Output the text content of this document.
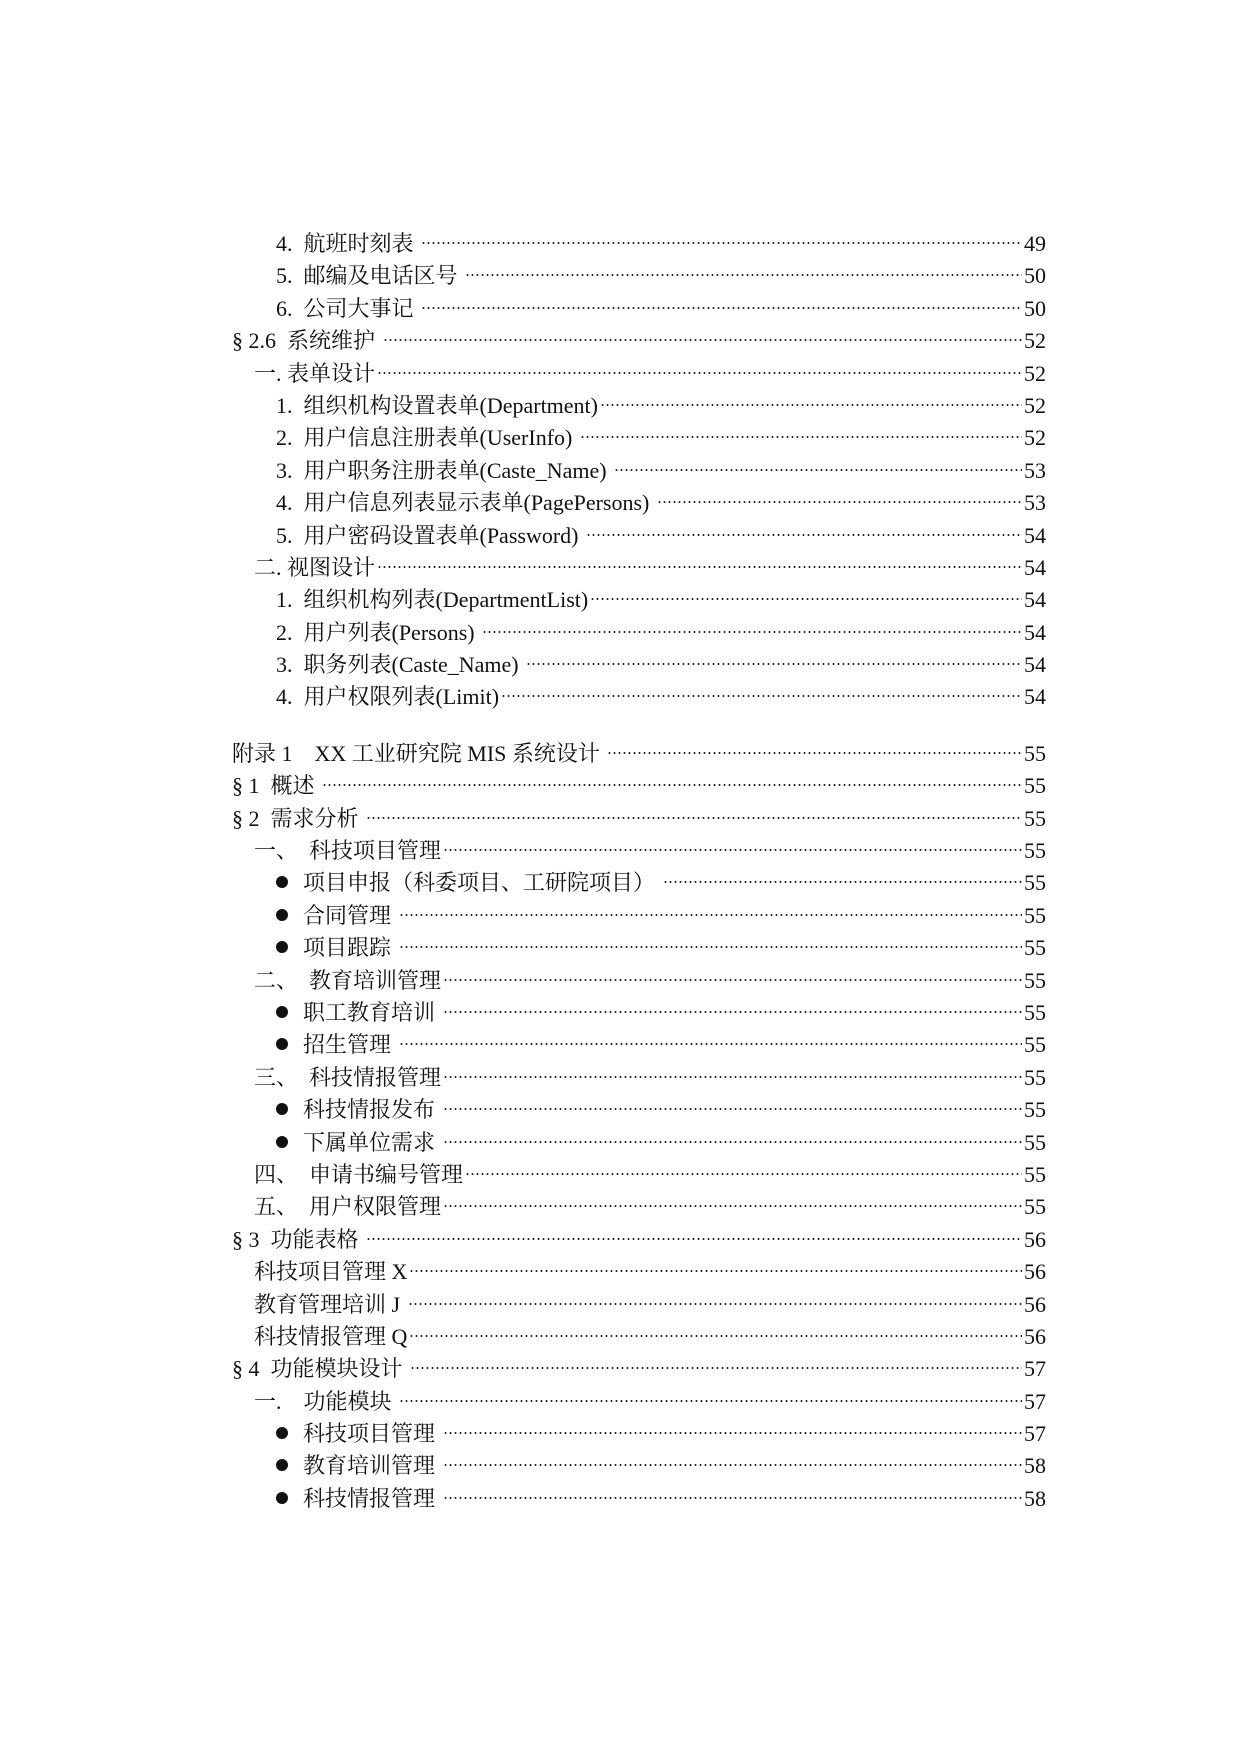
4.  航班时刻表	49
5.  邮编及电话区号	50
6.  公司大事记	50
§ 2.6  系统维护	52
一. 表单设计	52
1.  组织机构设置表单(Department)	52
2.  用户信息注册表单(UserInfo)	52
3.  用户职务注册表单(Caste_Name)	53
4.  用户信息列表显示表单(PagePersons)	53
5.  用户密码设置表单(Password)	54
二. 视图设计	54
1.  组织机构列表(DepartmentList)	54
2.  用户列表(Persons)	54
3.  职务列表(Caste_Name)	54
4.  用户权限列表(Limit)	54
附录 1    XX 工业研究院 MIS 系统设计	55
§ 1  概述	55
§ 2  需求分析	55
一、  科技项目管理	55
项目申报（科委项目、工研院项目）	55
合同管理	55
项目跟踪	55
二、  教育培训管理	55
职工教育培训	55
招生管理	55
三、  科技情报管理	55
科技情报发布	55
下属单位需求	55
四、  申请书编号管理	55
五、  用户权限管理	55
§ 3  功能表格	56
科技项目管理 X	56
教育管理培训 J	56
科技情报管理 Q	56
§ 4  功能模块设计	57
一.    功能模块	57
科技项目管理	57
教育培训管理	58
科技情报管理	58
